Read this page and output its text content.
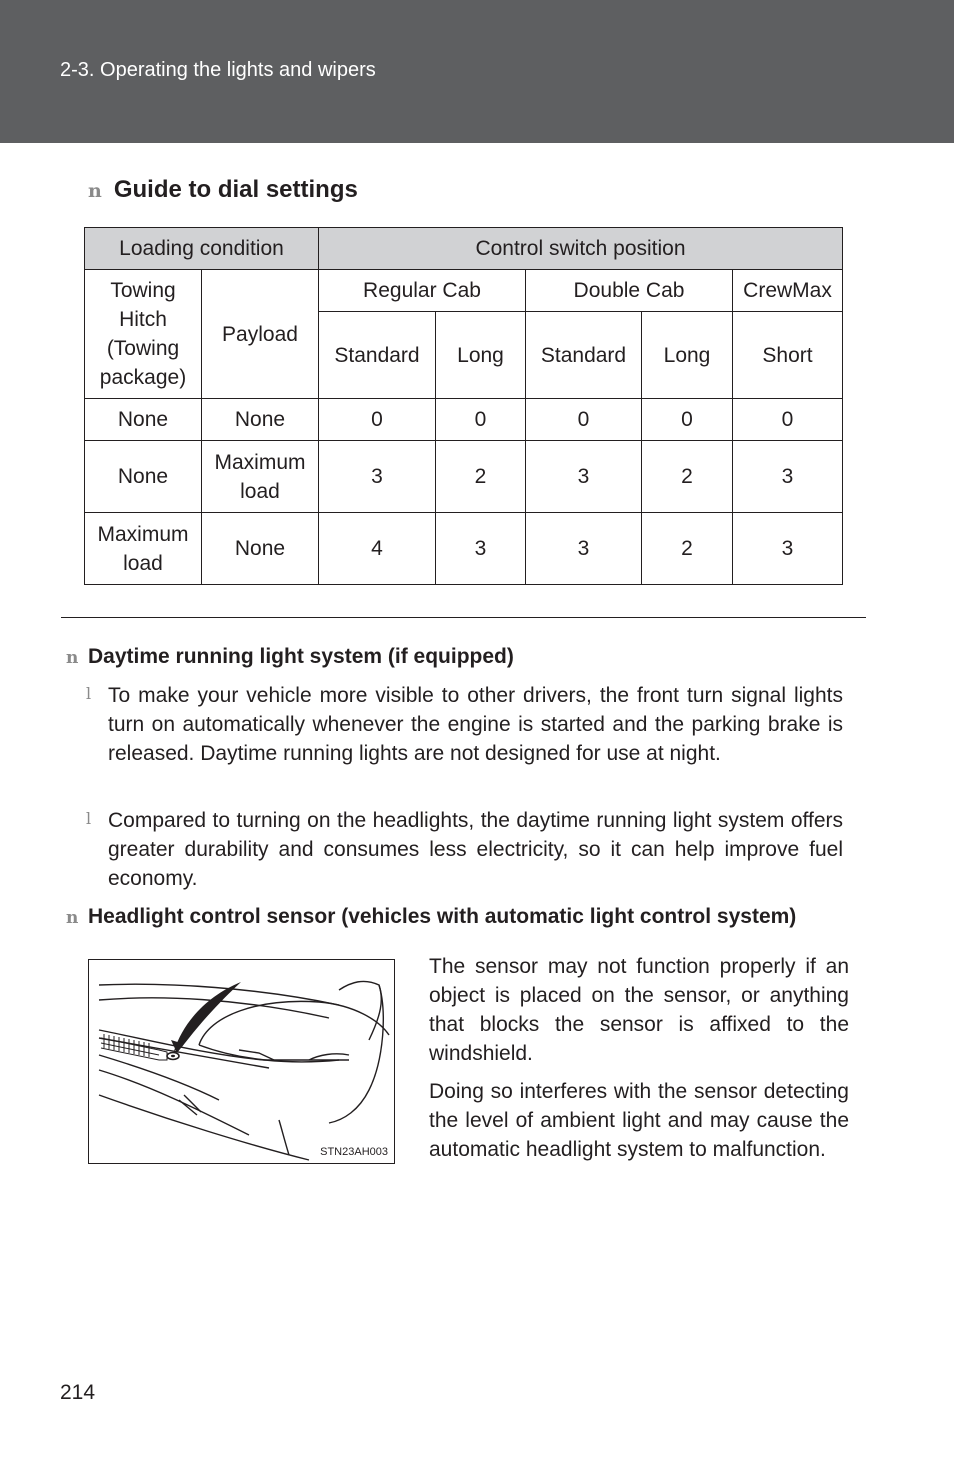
2-3. Operating the lights and wipers
n Guide to dial settings
Loading condition		Control switch position				
Towing Hitch (Towing package)	Payload	Regular Cab		Double Cab		CrewMax
		Standard	Long	Standard	Long	Short
None	None	0	0	0	0	0
None	Maximum load	3	2	3	2	3
Maximum load	None	4	3	3	2	3
n Daytime running light system (if equipped)
l To make your vehicle more visible to other drivers, the front turn signal lights turn on automatically whenever the engine is started and the parking brake is released. Daytime running lights are not designed for use at night.
l Compared to turning on the headlights, the daytime running light system offers greater durability and consumes less electricity, so it can help improve fuel economy.
n Headlight control sensor (vehicles with automatic light control system)
STN23AH003
The sensor may not function properly if an object is placed on the sensor, or anything that blocks the sensor is affixed to the windshield.
Doing so interferes with the sensor detecting the level of ambient light and may cause the automatic headlight system to malfunction.
214
